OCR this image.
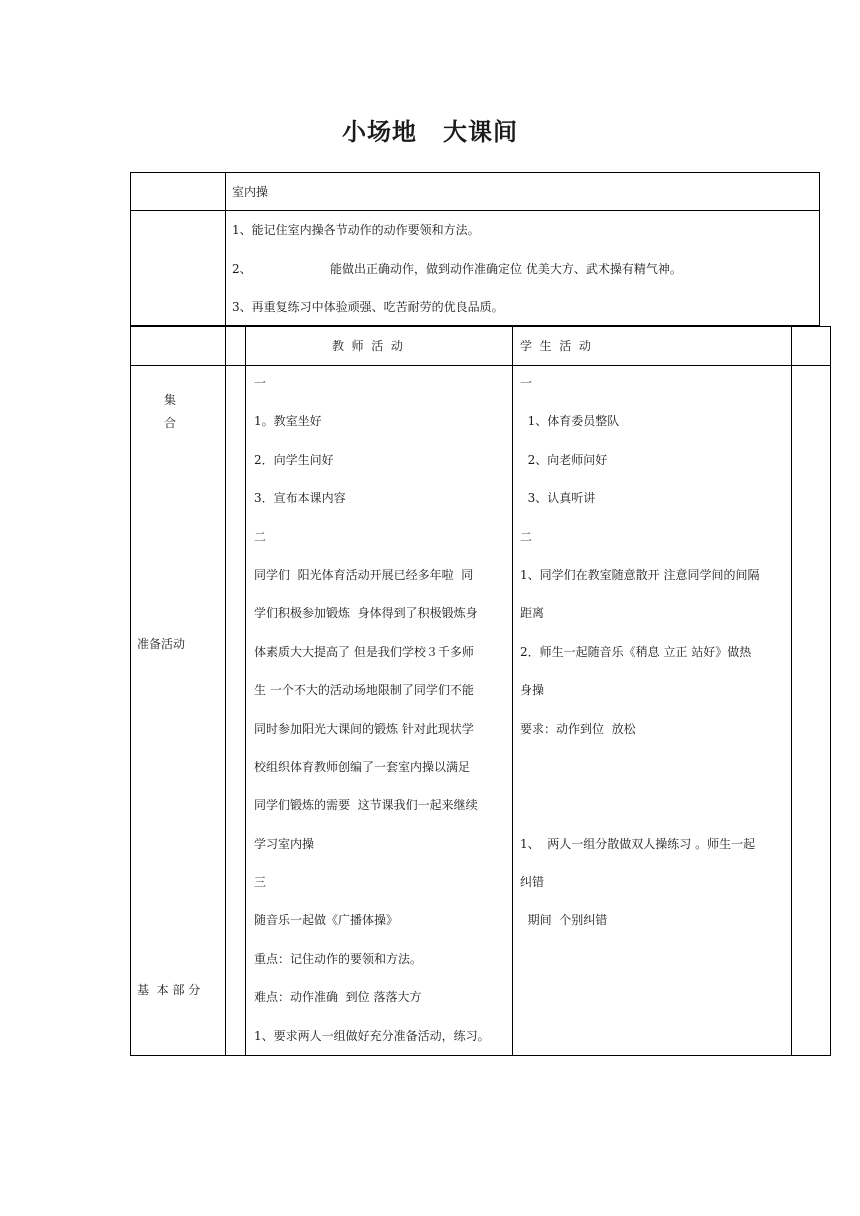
小场地 大课间
室内操
1、能记住室内操各节动作的动作要领和方法。
2、	能做出正确动作，做到动作准确定位 优美大方、武术操有精气神。
3、再重复练习中体验顽强、吃苦耐劳的优良品质。
教  师  活  动	学  生  活  动
集
合
准备活动
基  本 部 分
一
1。教室坐好
2．向学生问好
3．宣布本课内容
二
同学们  阳光体育活动开展已经多年啦  同
学们积极参加锻炼  身体得到了积极锻炼身
体素质大大提高了 但是我们学校３千多师
生 一个不大的活动场地限制了同学们不能
同时参加阳光大课间的锻炼 针对此现状学
校组织体育教师创编了一套室内操以满足
同学们锻炼的需要  这节课我们一起来继续
学习室内操
三
随音乐一起做《广播体操》
重点：记住动作的要领和方法。
难点：动作准确  到位 落落大方
1、要求两人一组做好充分准备活动，练习。
一
1、体育委员整队
2、向老师问好
3、认真听讲
二
1、同学们在教室随意散开 注意同学间的间隔
距离
2．师生一起随音乐《稍息 立正 站好》做热
身操
要求：动作到位  放松
1、  两人一组分散做双人操练习 。师生一起
纠错
期间  个别纠错
